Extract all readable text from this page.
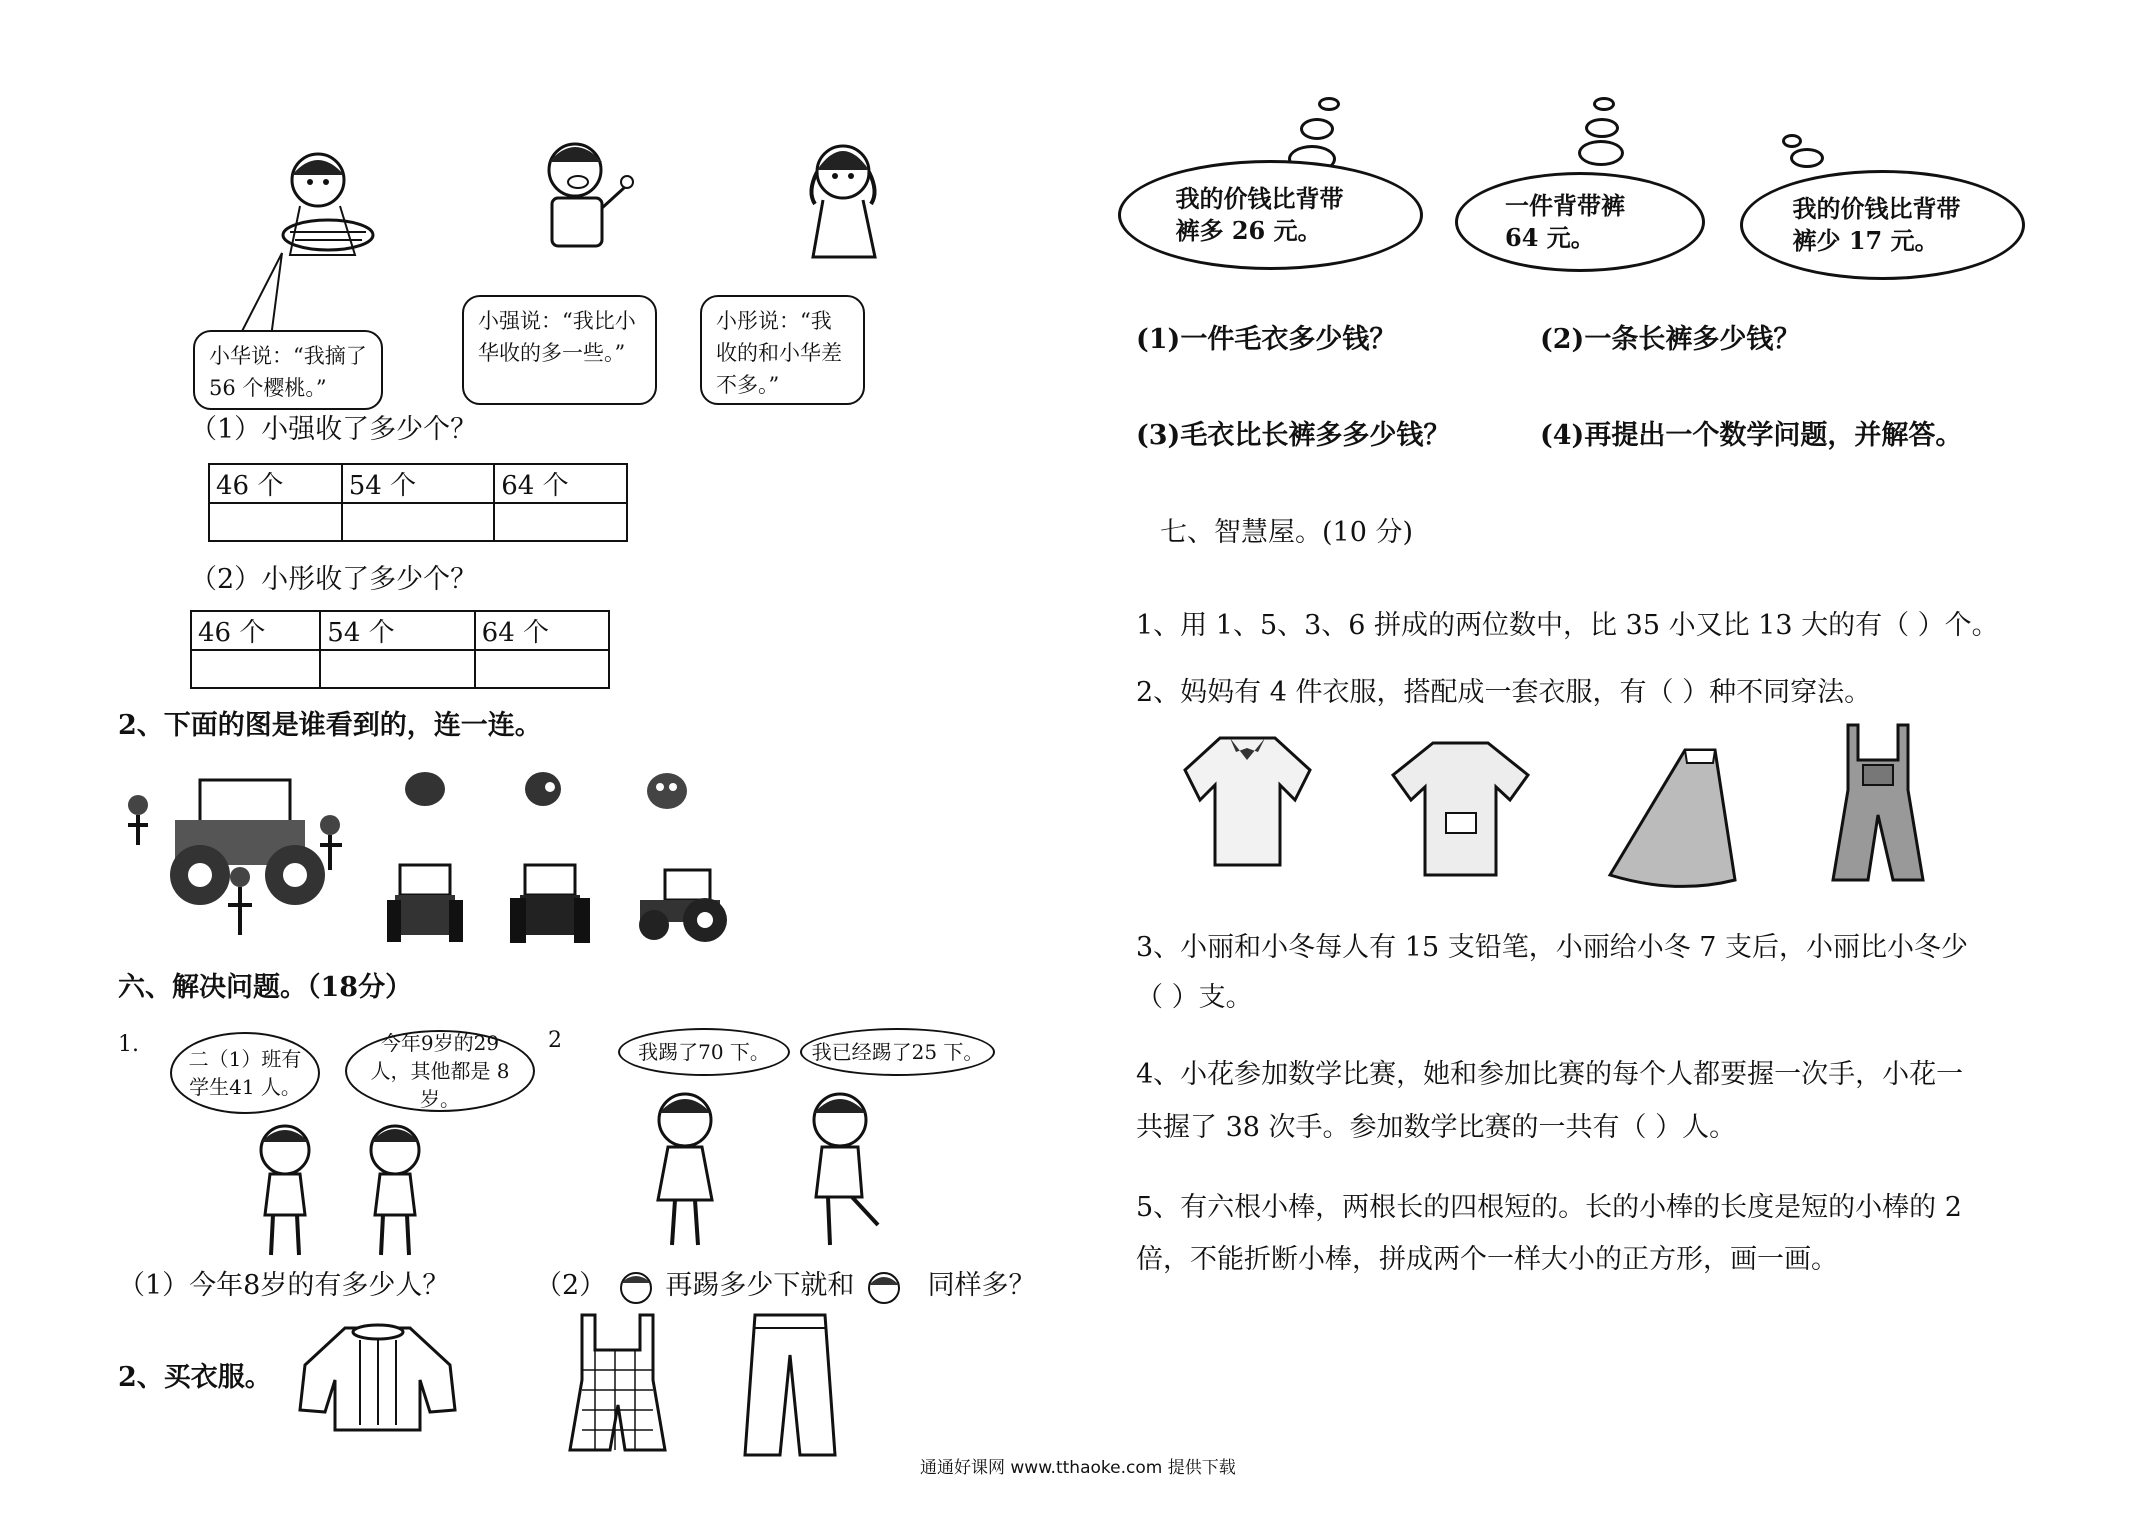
小华说：“我摘了 56 个樱桃。”
小强说：“我比小华收的多一些。”
小彤说：“我收的和小华差不多。”
（1）小强收了多少个？
46 个	54 个	64 个

（2）小彤收了多少个？
46 个	54 个	64 个

2、下面的图是谁看到的，连一连。
六、解决问题。（18分）
1.
二（1）班有学生41 人。
今年9岁的29人，其他都是 8 岁。
（1）今年8岁的有多少人？
2	我踢了70 下。 我已经踢了25 下。
（2） 再踢多少下就和	同样多？
2、买衣服。
我的价钱比背带裤多 26 元。
一件背带裤 64 元。
我的价钱比背带裤少 17 元。
(1)一件毛衣多少钱？	(2)一条长裤多少钱？
(3)毛衣比长裤多多少钱？	(4)再提出一个数学问题，并解答。
七、智慧屋。(10 分)
1、用 1、5、3、6 拼成的两位数中，比 35 小又比 13 大的有（ ）个。
2、妈妈有 4 件衣服，搭配成一套衣服，有（ ）种不同穿法。
3、小丽和小冬每人有 15 支铅笔，小丽给小冬 7 支后，小丽比小冬少
（ ）支。
4、小花参加数学比赛，她和参加比赛的每个人都要握一次手，小花一
共握了 38 次手。参加数学比赛的一共有（ ）人。
5、有六根小棒，两根长的四根短的。长的小棒的长度是短的小棒的 2
倍，不能折断小棒，拼成两个一样大小的正方形，画一画。
通通好课网 www.tthaoke.com 提供下载
